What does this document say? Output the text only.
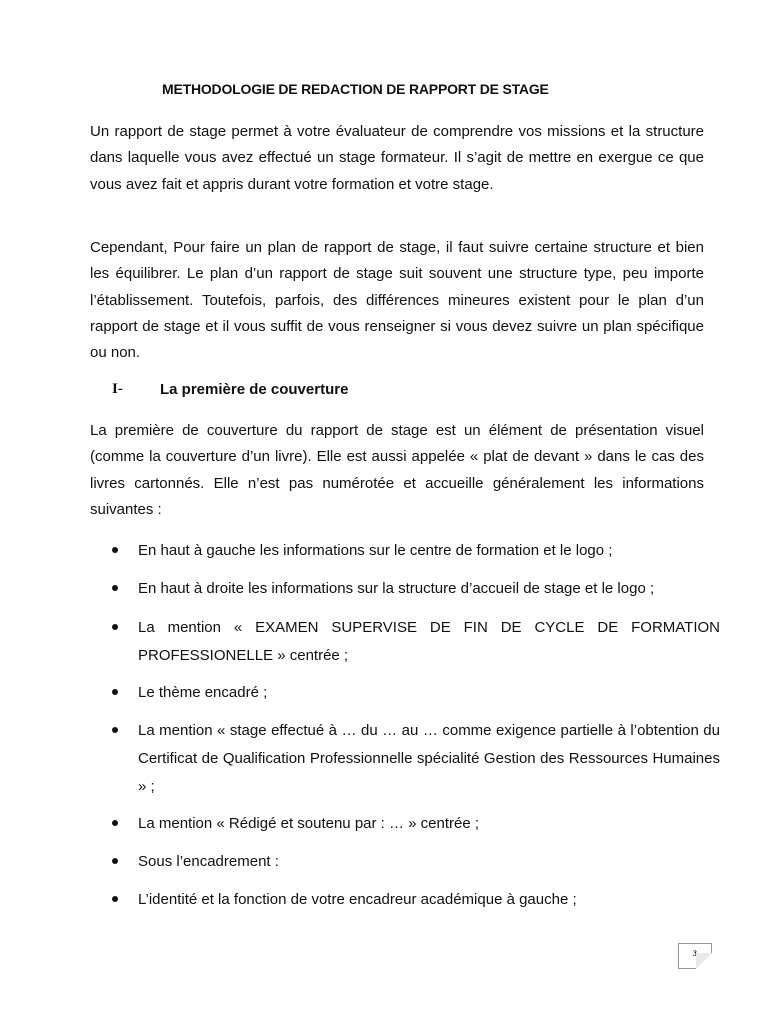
METHODOLOGIE DE REDACTION DE RAPPORT DE STAGE

Un rapport de stage permet à votre évaluateur de comprendre vos missions et la structure dans laquelle vous avez effectué un stage formateur. Il s’agit de mettre en exergue ce que vous avez fait et appris durant votre formation et votre stage.

Cependant, Pour faire un plan de rapport de stage, il faut suivre certaine structure et bien les équilibrer. Le plan d’un rapport de stage suit souvent une structure type, peu importe l’établissement. Toutefois, parfois, des différences mineures existent pour le plan d’un rapport de stage et il vous suffit de vous renseigner si vous devez suivre un plan spécifique ou non.

I- La première de couverture

La première de couverture du rapport de stage est un élément de présentation visuel (comme la couverture d’un livre). Elle est aussi appelée « plat de devant » dans le cas des livres cartonnés. Elle n’est pas numérotée et accueille généralement les informations suivantes :

En haut à gauche les informations sur le centre de formation et le logo ;

En haut à droite les informations sur la structure d’accueil de stage et le logo ;

La mention « EXAMEN SUPERVISE DE FIN DE CYCLE DE FORMATION PROFESSIONELLE » centrée ;

Le thème encadré ;

La mention « stage effectué à … du … au … comme exigence partielle à l’obtention du Certificat de Qualification Professionnelle spécialité Gestion des Ressources Humaines » ;

La mention « Rédigé et soutenu par : … » centrée ;

Sous l’encadrement :

L’identité et la fonction de votre encadreur académique à gauche ;

3
